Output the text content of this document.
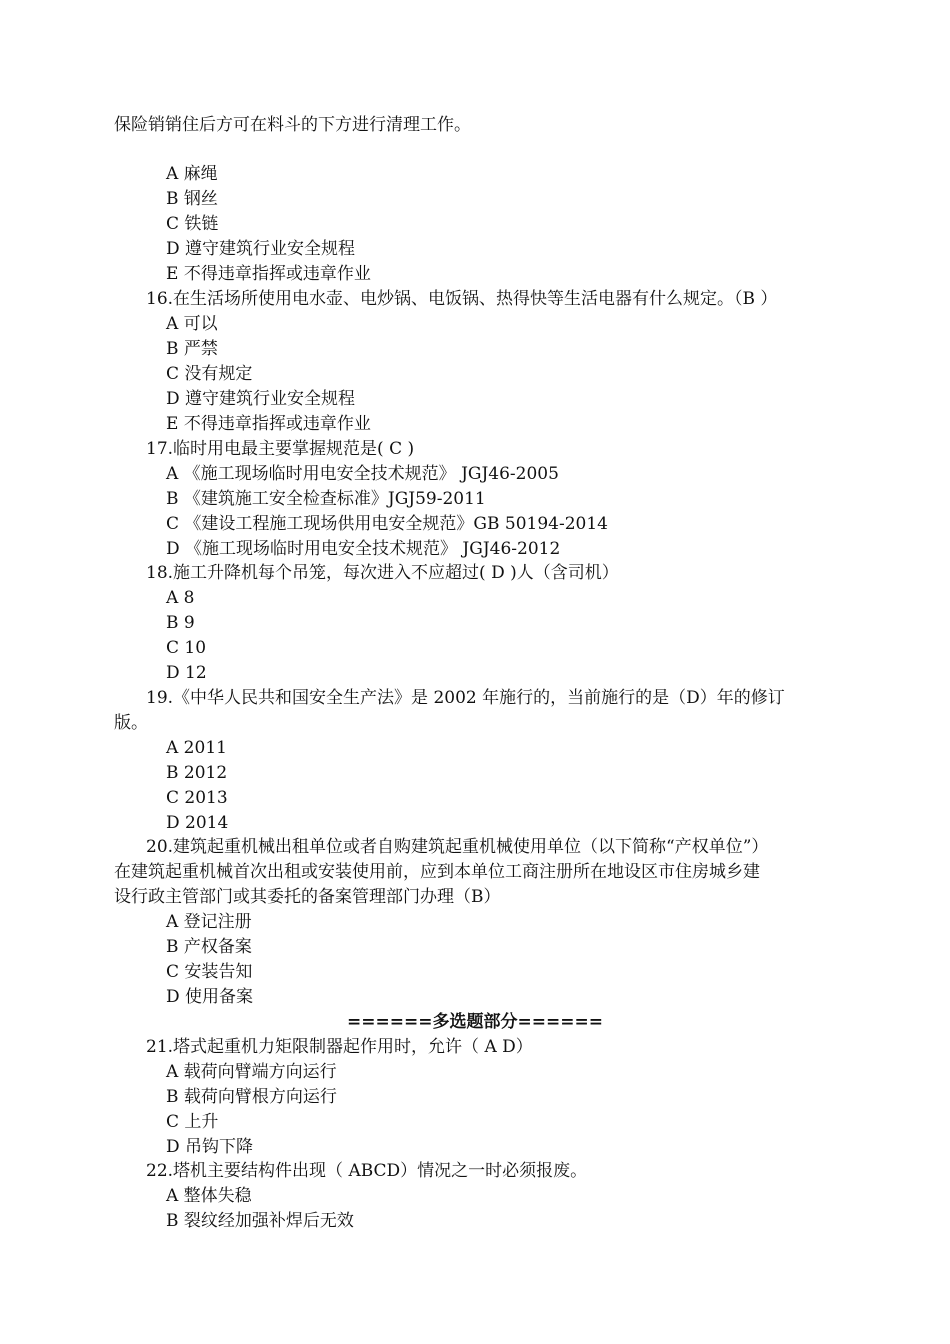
保险销销住后方可在料斗的下方进行清理工作。
A 麻绳
B 钢丝
C 铁链
D 遵守建筑行业安全规程
E 不得违章指挥或违章作业
16.在生活场所使用电水壶、电炒锅、电饭锅、热得快等生活电器有什么规定。（B ）
A 可以
B 严禁
C 没有规定
D 遵守建筑行业安全规程
E 不得违章指挥或违章作业
17.临时用电最主要掌握规范是( C )
A 《施工现场临时用电安全技术规范》 JGJ46-2005
B 《建筑施工安全检查标准》JGJ59-2011
C 《建设工程施工现场供用电安全规范》GB 50194-2014
D 《施工现场临时用电安全技术规范》 JGJ46-2012
18.施工升降机每个吊笼，每次进入不应超过( D )人（含司机）
A 8
B 9
C 10
D 12
19.《中华人民共和国安全生产法》是 2002 年施行的，当前施行的是（D）年的修订
版。
A 2011
B 2012
C 2013
D 2014
20.建筑起重机械出租单位或者自购建筑起重机械使用单位（以下简称“产权单位”）
在建筑起重机械首次出租或安装使用前，应到本单位工商注册所在地设区市住房城乡建
设行政主管部门或其委托的备案管理部门办理（B）
A 登记注册
B 产权备案
C 安装告知
D 使用备案
======多选题部分======
21.塔式起重机力矩限制器起作用时，允许（ A D）
A 载荷向臂端方向运行
B 载荷向臂根方向运行
C 上升
D 吊钩下降
22.塔机主要结构件出现（ ABCD）情况之一时必须报废。
A 整体失稳
B 裂纹经加强补焊后无效
